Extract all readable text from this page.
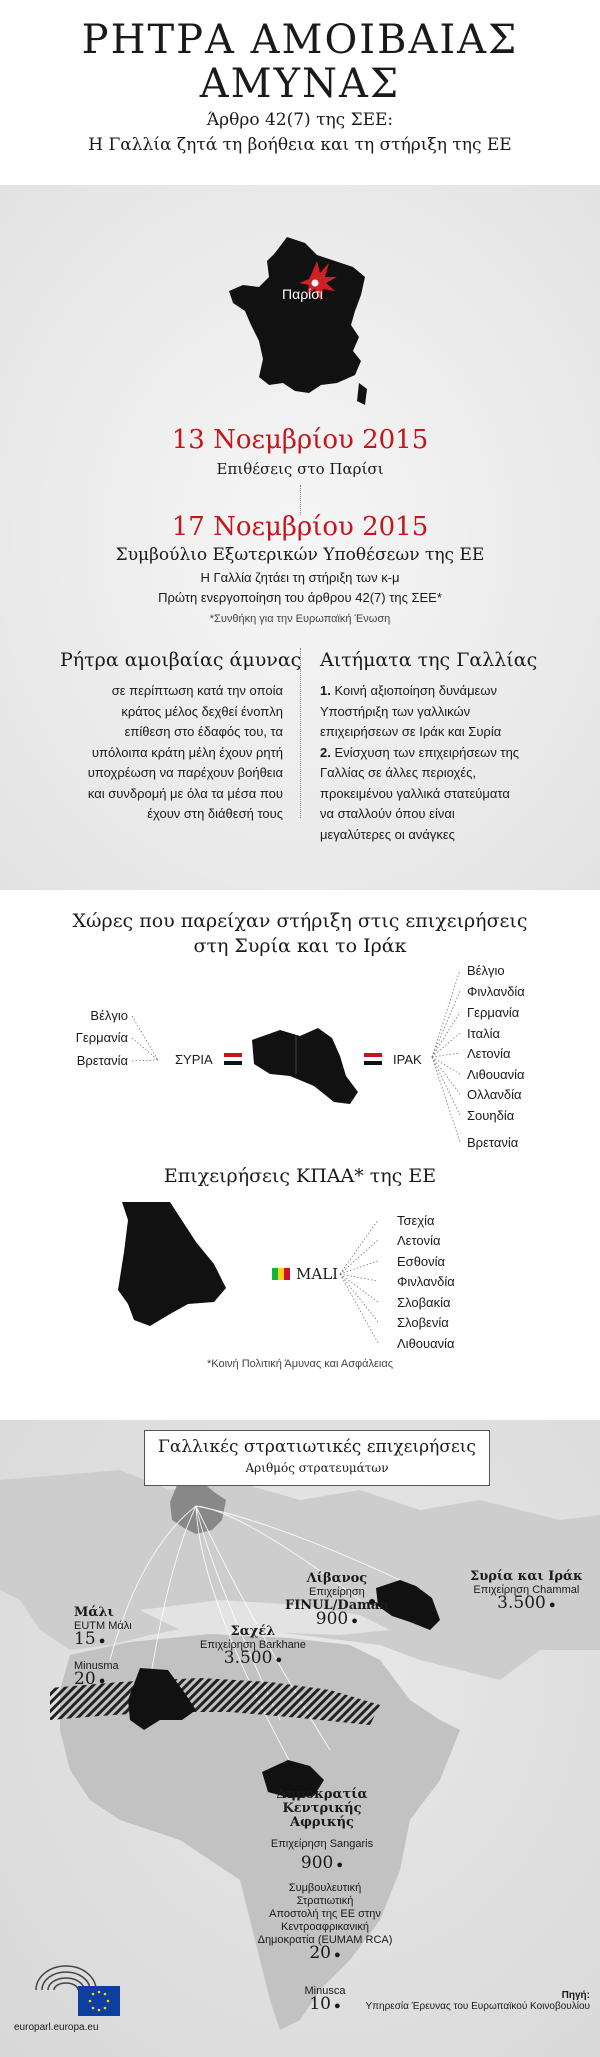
ΡΗΤΡΑ ΑΜΟΙΒΑΙΑΣ ΑΜΥΝΑΣ
Άρθρο 42(7) της ΣΕΕ:
Η Γαλλία ζητά τη βοήθεια και τη στήριξη της ΕΕ
Παρίσι
13 Νοεμβρίου 2015
Επιθέσεις στο Παρίσι
17 Νοεμβρίου 2015
Συμβούλιο Εξωτερικών Υποθέσεων της ΕΕ
Η Γαλλία ζητάει τη στήριξη των κ-μ
Πρώτη ενεργοποίηση του άρθρου 42(7) της ΣΕΕ*
*Συνθήκη για την Ευρωπαϊκή Ένωση
Ρήτρα αμοιβαίας άμυνας
σε περίπτωση κατά την οποία
κράτος μέλος δεχθεί ένοπλη
επίθεση στο έδαφός του, τα
υπόλοιπα κράτη μέλη έχουν ρητή
υποχρέωση να παρέχουν βοήθεια
και συνδρομή με όλα τα μέσα που
έχουν στη διάθεσή τους
Αιτήματα της Γαλλίας
1. Κοινή αξιοποίηση δυνάμεων
Υποστήριξη των γαλλικών
επιχειρήσεων σε Ιράκ και Συρία
2. Ενίσχυση των επιχειρήσεων της
Γαλλίας σε άλλες περιοχές,
προκειμένου γαλλικά στατεύματα
να σταλλούν όπου είναι
μεγαλύτερες οι ανάγκες
Χώρες που παρείχαν στήριξη στις επιχειρήσεις
στη Συρία και το Ιράκ
Βέλγιο
Γερμανία
Βρετανία	ΣΥΡΙΑ	ΙΡΑΚ
Βέλγιο
Φινλανδία
Γερμανία
Ιταλία
Λετονία
Λιθουανία
Ολλανδία
Σουηδία
Βρετανία
Επιχειρήσεις ΚΠΑΑ* της ΕΕ
MALI
Τσεχία
Λετονία
Εσθονία
Φινλανδία
Σλοβακία
Σλοβενία
Λιθουανία
*Κοινή Πολιτική Άμυνας και Ασφάλειας
Γαλλικές στρατιωτικές επιχειρήσεις
Αριθμός στρατευμάτων
Συρία και Ιράκ
Επιχείρηση Chammal
3.500 ●
Λίβανος
Επιχείρηση
FINUL/Daman
900 ●
Μάλι
EUTM Μάλι
15 ●
Minusma
20 ●
Σαχέλ
Επιχείρηση Barkhane
3.500 ●
Δημοκρατία
Κεντρικής Αφρικής

Επιχείρηση Sangaris
900 ●
Συμβουλευτική
Στρατιωτική
Αποστολή της ΕΕ στην
Κεντροαφρικανική
Δημοκρατία (EUMAM RCA)
20 ●
Minusca
10 ●
europarl.europa.eu
Πηγή:
Υπηρεσία Έρευνας του Ευρωπαϊκού Κοινοβουλίου
